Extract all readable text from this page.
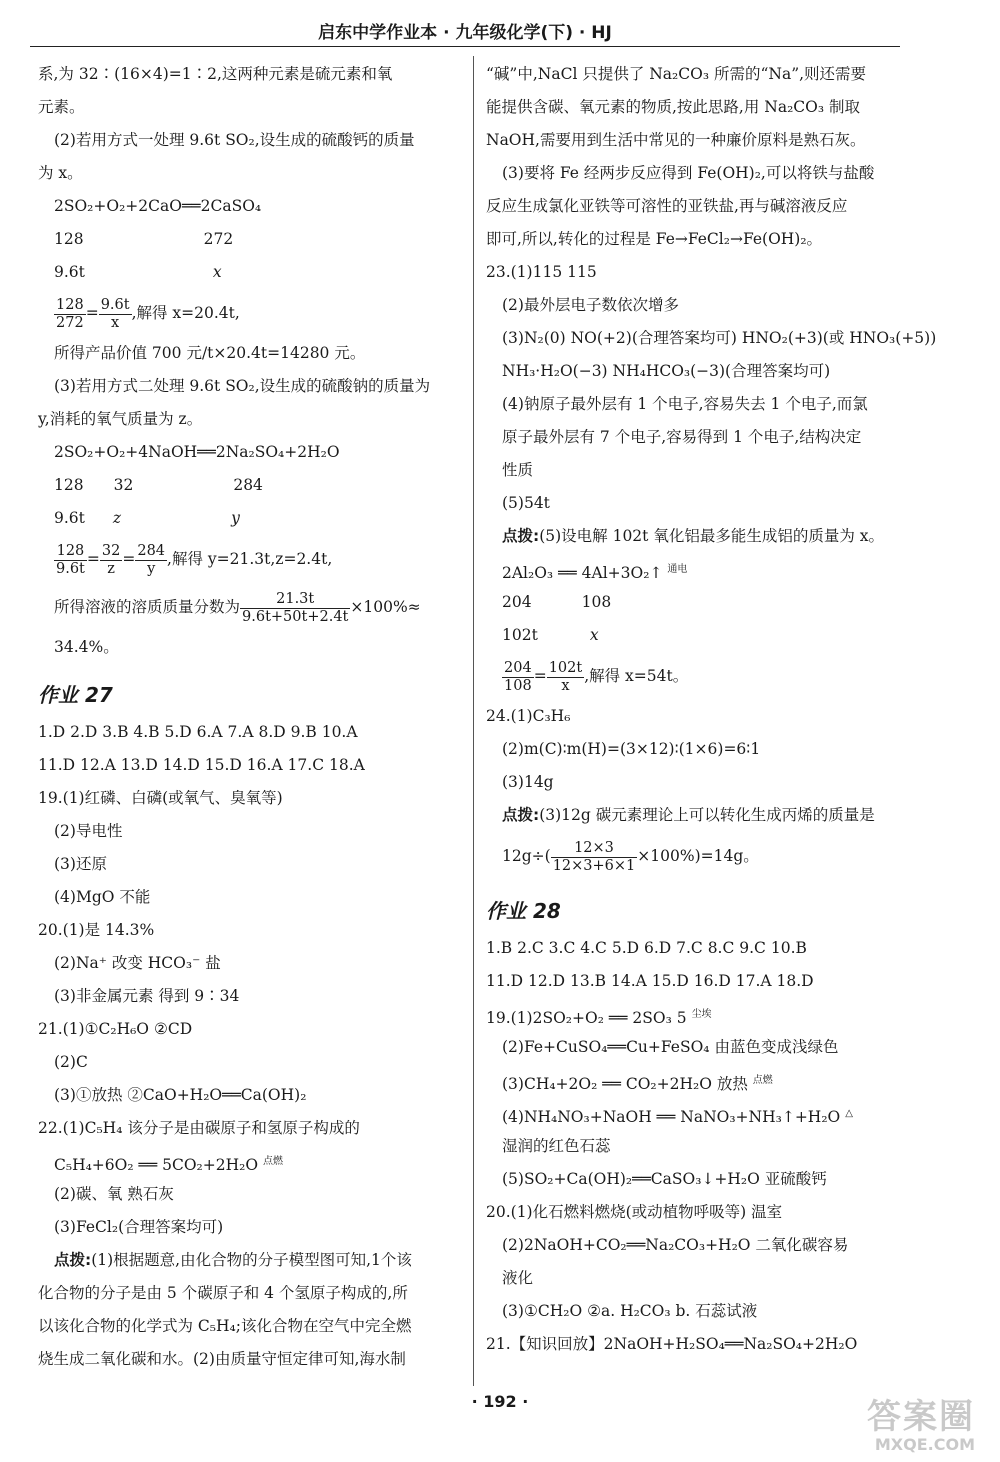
启东中学作业本 · 九年级化学(下) · HJ
系,为 32∶(16×4)=1∶2,这两种元素是硫元素和氧
元素。
(2)若用方式一处理 9.6t SO₂,设生成的硫酸钙的质量
为 x。
2SO₂+O₂+2CaO══2CaSO₄
128	272
9.6t	x
$\frac{128}{272} = \frac{9.6t}{x}$ ,解得 x=20.4t,
所得产品价值 700 元/t×20.4t=14280 元。
(3)若用方式二处理 9.6t SO₂,设生成的硫酸钠的质量为
y,消耗的氧气质量为 z。
2SO₂+O₂+4NaOH══2Na₂SO₄+2H₂O
128 32	284
9.6t z	y
$\frac{128}{9.6t} = \frac{32}{z} = \frac{284}{y}$ ,解得 y=21.3t,z=2.4t,
所得溶液的溶质质量分数为 $\frac{21.3t}{9.6t+50t+2.4t} \times 100\%\approx$
34.4%。
作业 27
1.D 2.D 3.B 4.B 5.D 6.A 7.A 8.D 9.B 10.A
11.D 12.A 13.D 14.D 15.D 16.A 17.C 18.A
19.(1)红磷、白磷(或氧气、臭氧等)
(2)导电性
(3)还原
(4)MgO 不能
20.(1)是 14.3%
(2)Na⁺ 改变 HCO₃⁻ 盐
(3)非金属元素 得到 9∶34
21.(1)①C₂H₆O ②CD
(2)C
(3)①放热 ②CaO+H₂O══Ca(OH)₂
22.(1)C₅H₄ 该分子是由碳原子和氢原子构成的
C₅H₄+6O₂ ══ 5CO₂+2H₂O $^{点燃}$
(2)碳、氧 熟石灰
(3)FeCl₂(合理答案均可)
点拨:(1)根据题意,由化合物的分子模型图可知,1个该
化合物的分子是由 5 个碳原子和 4 个氢原子构成的,所
以该化合物的化学式为 C₅H₄;该化合物在空气中完全燃
烧生成二氧化碳和水。(2)由质量守恒定律可知,海水制
“碱”中,NaCl 只提供了 Na₂CO₃ 所需的“Na”,则还需要
能提供含碳、氧元素的物质,按此思路,用 Na₂CO₃ 制取
NaOH,需要用到生活中常见的一种廉价原料是熟石灰。
(3)要将 Fe 经两步反应得到 Fe(OH)₂,可以将铁与盐酸
反应生成氯化亚铁等可溶性的亚铁盐,再与碱溶液反应
即可,所以,转化的过程是 Fe→FeCl₂→Fe(OH)₂。
23.(1)115 115
(2)最外层电子数依次增多
(3)N₂(0) NO(+2)(合理答案均可) HNO₂(+3)(或 HNO₃(+5))
NH₃·H₂O(−3) NH₄HCO₃(−3)(合理答案均可)
(4)钠原子最外层有 1 个电子,容易失去 1 个电子,而氯
原子最外层有 7 个电子,容易得到 1 个电子,结构决定
性质
(5)54t
点拨:(5)设电解 102t 氧化铝最多能生成铝的质量为 x。
2Al₂O₃ ══ 4Al+3O₂↑ $^{通电}$
204	108
102t	x
$\frac{204}{108} = \frac{102t}{x}$ ,解得 x=54t。
24.(1)C₃H₆
(2)m(C)∶m(H)=(3×12)∶(1×6)=6∶1
(3)14g
点拨:(3)12g 碳元素理论上可以转化生成丙烯的质量是
$12g\div( \frac{12\times 3}{12\times 3+6\times 1} \times 100\%)=14g$。
作业 28
1.B 2.C 3.C 4.C 5.D 6.D 7.C 8.C 9.C 10.B
11.D 12.D 13.B 14.A 15.D 16.D 17.A 18.D
19.(1)2SO₂+O₂ ══ 2SO₃ 5 $^{尘埃}$
(2)Fe+CuSO₄══Cu+FeSO₄ 由蓝色变成浅绿色
(3)CH₄+2O₂ ══ CO₂+2H₂O 放热 $^{点燃}$
(4)NH₄NO₃+NaOH ══ NaNO₃+NH₃↑+H₂O △
湿润的红色石蕊
(5)SO₂+Ca(OH)₂══CaSO₃↓+H₂O 亚硫酸钙
20.(1)化石燃料燃烧(或动植物呼吸等) 温室
(2)2NaOH+CO₂══Na₂CO₃+H₂O 二氧化碳容易
液化
(3)①CH₂O ②a. H₂CO₃ b. 石蕊试液
21.【知识回放】2NaOH+H₂SO₄══Na₂SO₄+2H₂O
· 192 ·	答案圈
MXQE.COM
